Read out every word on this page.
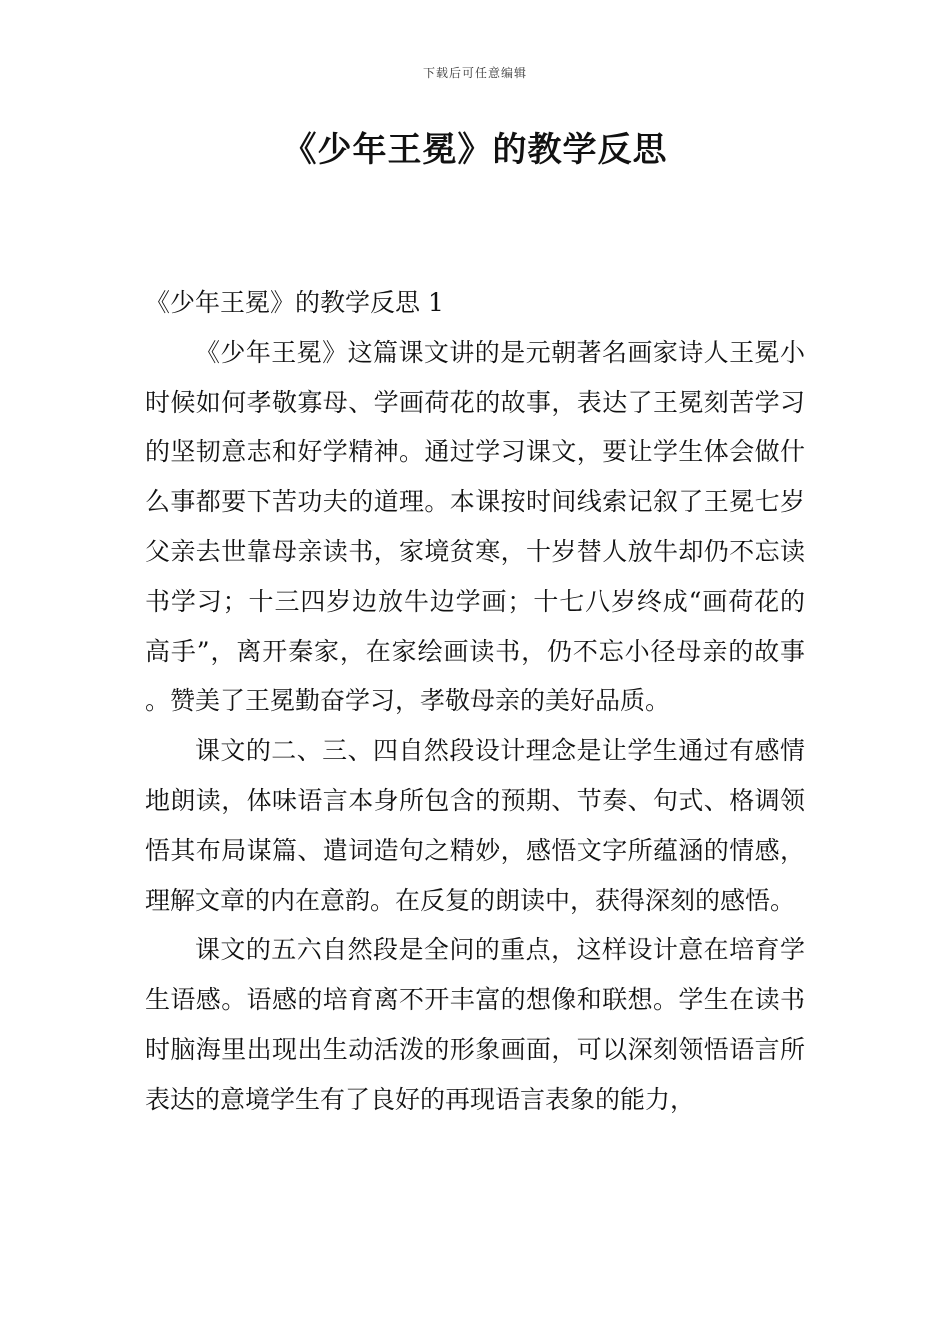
下载后可任意编辑
《少年王冕》的教学反思

《少年王冕》的教学反思 1

《少年王冕》这篇课文讲的是元朝著名画家诗人王冕小时候如何孝敬寡母、学画荷花的故事，表达了王冕刻苦学习的坚韧意志和好学精神。通过学习课文，要让学生体会做什么事都要下苦功夫的道理。本课按时间线索记叙了王冕七岁父亲去世靠母亲读书，家境贫寒，十岁替人放牛却仍不忘读书学习；十三四岁边放牛边学画；十七八岁终成“画荷花的高手”，离开秦家，在家绘画读书，仍不忘小径母亲的故事。赞美了王冕勤奋学习，孝敬母亲的美好品质。

课文的二、三、四自然段设计理念是让学生通过有感情地朗读，体味语言本身所包含的预期、节奏、句式、格调领悟其布局谋篇、遣词造句之精妙，感悟文字所蕴涵的情感，理解文章的内在意韵。在反复的朗读中，获得深刻的感悟。

课文的五六自然段是全问的重点，这样设计意在培育学生语感。语感的培育离不开丰富的想像和联想。学生在读书时脑海里出现出生动活泼的形象画面，可以深刻领悟语言所表达的意境学生有了良好的再现语言表象的能力，
